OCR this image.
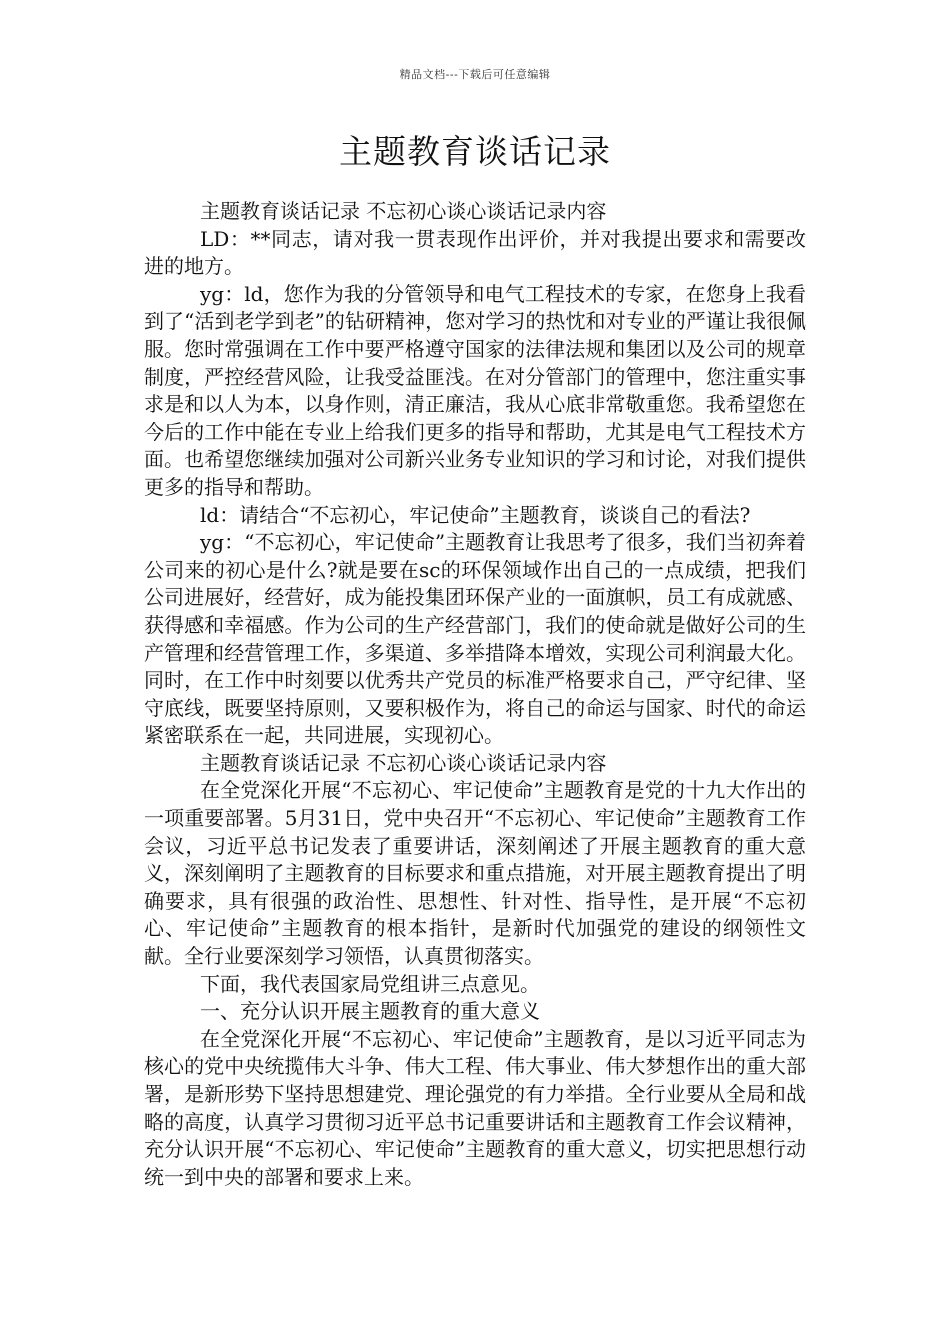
精品文档---下载后可任意编辑
主题教育谈话记录

主题教育谈话记录 不忘初心谈心谈话记录内容

LD：**同志，请对我一贯表现作出评价，并对我提出要求和需要改进的地方。

yg：ld，您作为我的分管领导和电气工程技术的专家，在您身上我看到了“活到老学到老”的钻研精神，您对学习的热忱和对专业的严谨让我很佩服。您时常强调在工作中要严格遵守国家的法律法规和集团以及公司的规章制度，严控经营风险，让我受益匪浅。在对分管部门的管理中，您注重实事求是和以人为本，以身作则，清正廉洁，我从心底非常敬重您。我希望您在今后的工作中能在专业上给我们更多的指导和帮助，尤其是电气工程技术方面。也希望您继续加强对公司新兴业务专业知识的学习和讨论，对我们提供更多的指导和帮助。

ld：请结合“不忘初心，牢记使命”主题教育，谈谈自己的看法?

yg：“不忘初心，牢记使命”主题教育让我思考了很多，我们当初奔着公司来的初心是什么?就是要在sc的环保领域作出自己的一点成绩，把我们公司进展好，经营好，成为能投集团环保产业的一面旗帜，员工有成就感、获得感和幸福感。作为公司的生产经营部门，我们的使命就是做好公司的生产管理和经营管理工作，多渠道、多举措降本增效，实现公司利润最大化。同时，在工作中时刻要以优秀共产党员的标准严格要求自己，严守纪律、坚守底线，既要坚持原则，又要积极作为，将自己的命运与国家、时代的命运紧密联系在一起，共同进展，实现初心。

主题教育谈话记录 不忘初心谈心谈话记录内容

在全党深化开展“不忘初心、牢记使命”主题教育是党的十九大作出的一项重要部署。5月31日，党中央召开“不忘初心、牢记使命”主题教育工作会议，习近平总书记发表了重要讲话，深刻阐述了开展主题教育的重大意义，深刻阐明了主题教育的目标要求和重点措施，对开展主题教育提出了明确要求，具有很强的政治性、思想性、针对性、指导性，是开展“不忘初心、牢记使命”主题教育的根本指针，是新时代加强党的建设的纲领性文献。全行业要深刻学习领悟，认真贯彻落实。

下面，我代表国家局党组讲三点意见。

一、充分认识开展主题教育的重大意义

在全党深化开展“不忘初心、牢记使命”主题教育，是以习近平同志为核心的党中央统揽伟大斗争、伟大工程、伟大事业、伟大梦想作出的重大部署，是新形势下坚持思想建党、理论强党的有力举措。全行业要从全局和战略的高度，认真学习贯彻习近平总书记重要讲话和主题教育工作会议精神，充分认识开展“不忘初心、牢记使命”主题教育的重大意义，切实把思想行动统一到中央的部署和要求上来。
